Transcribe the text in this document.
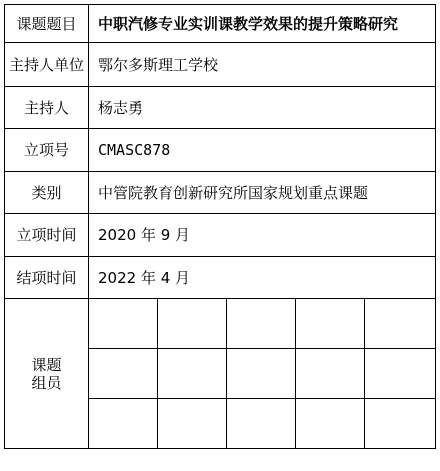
课题题目	中职汽修专业实训课教学效果的提升策略研究				
主持人单位	鄂尔多斯理工学校				
主持人	杨志勇				
立项号	CMASC878				
类别	中管院教育创新研究所国家规划重点课题				
立项时间	2020 年 9 月				
结项时间	2022 年 4 月				

课题
组员					
